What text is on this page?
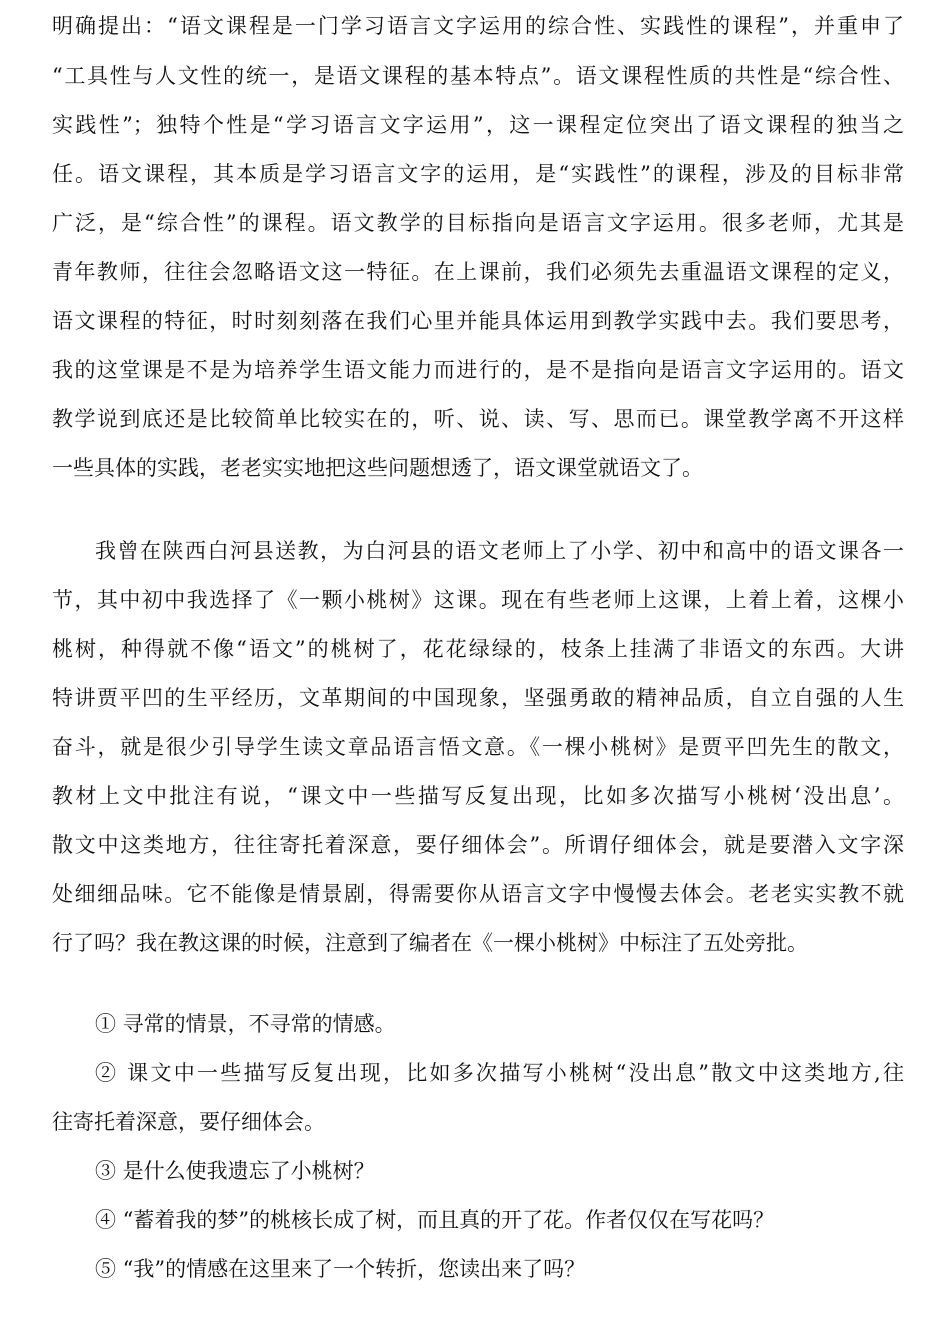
明确提出：“语文课程是一门学习语言文字运用的综合性、实践性的课程”，并重申了
“工具性与人文性的统一，是语文课程的基本特点”。语文课程性质的共性是“综合性、
实践性”；独特个性是“学习语言文字运用”，这一课程定位突出了语文课程的独当之
任。语文课程，其本质是学习语言文字的运用，是“实践性”的课程，涉及的目标非常
广泛，是“综合性”的课程。语文教学的目标指向是语言文字运用。很多老师，尤其是
青年教师，往往会忽略语文这一特征。在上课前，我们必须先去重温语文课程的定义，
语文课程的特征，时时刻刻落在我们心里并能具体运用到教学实践中去。我们要思考，
我的这堂课是不是为培养学生语文能力而进行的，是不是指向是语言文字运用的。语文
教学说到底还是比较简单比较实在的，听、说、读、写、思而已。课堂教学离不开这样
一些具体的实践，老老实实地把这些问题想透了，语文课堂就语文了。
我曾在陕西白河县送教，为白河县的语文老师上了小学、初中和高中的语文课各一
节，其中初中我选择了《一颗小桃树》这课。现在有些老师上这课，上着上着，这棵小
桃树，种得就不像“语文”的桃树了，花花绿绿的，枝条上挂满了非语文的东西。大讲
特讲贾平凹的生平经历，文革期间的中国现象，坚强勇敢的精神品质，自立自强的人生
奋斗，就是很少引导学生读文章品语言悟文意。《一棵小桃树》是贾平凹先生的散文，
教材上文中批注有说，“课文中一些描写反复出现，比如多次描写小桃树‘没出息’。
散文中这类地方，往往寄托着深意，要仔细体会”。所谓仔细体会，就是要潜入文字深
处细细品味。它不能像是情景剧，得需要你从语言文字中慢慢去体会。老老实实教不就
行了吗？我在教这课的时候，注意到了编者在《一棵小桃树》中标注了五处旁批。
① 寻常的情景，不寻常的情感。
② 课文中一些描写反复出现，比如多次描写小桃树“没出息”散文中这类地方,往
往寄托着深意，要仔细体会。
③ 是什么使我遗忘了小桃树？
④ “蓄着我的梦”的桃核长成了树，而且真的开了花。作者仅仅在写花吗？
⑤ “我”的情感在这里来了一个转折，您读出来了吗？
